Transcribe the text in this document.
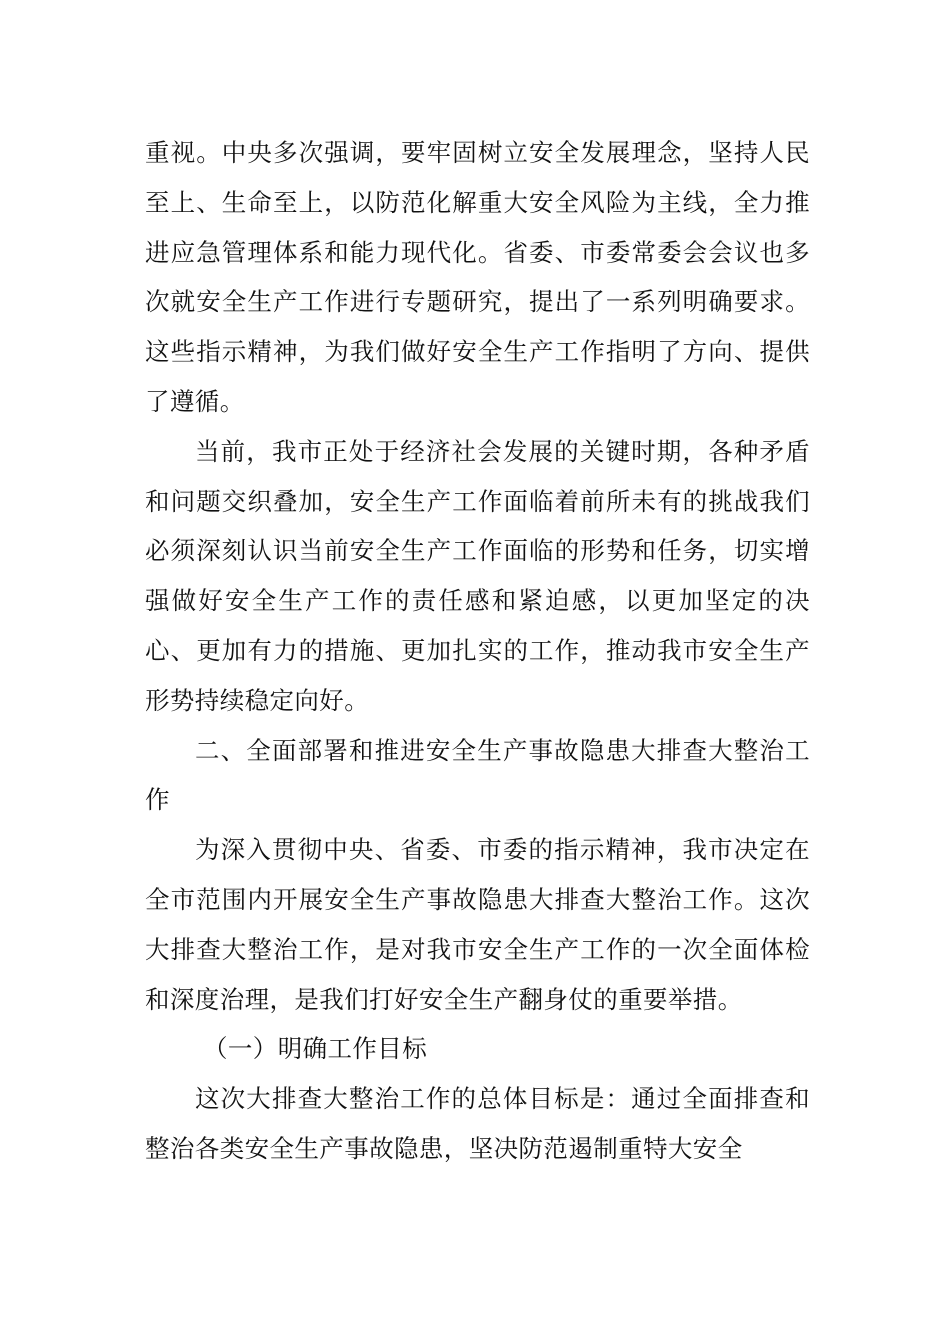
重视。中央多次强调，要牢固树立安全发展理念，坚持人民至上、生命至上，以防范化解重大安全风险为主线，全力推进应急管理体系和能力现代化。省委、市委常委会会议也多次就安全生产工作进行专题研究，提出了一系列明确要求。这些指示精神，为我们做好安全生产工作指明了方向、提供了遵循。

当前，我市正处于经济社会发展的关键时期，各种矛盾和问题交织叠加，安全生产工作面临着前所未有的挑战我们必须深刻认识当前安全生产工作面临的形势和任务，切实增强做好安全生产工作的责任感和紧迫感，以更加坚定的决心、更加有力的措施、更加扎实的工作，推动我市安全生产形势持续稳定向好。

二、全面部署和推进安全生产事故隐患大排查大整治工作

为深入贯彻中央、省委、市委的指示精神，我市决定在全市范围内开展安全生产事故隐患大排查大整治工作。这次大排查大整治工作，是对我市安全生产工作的一次全面体检和深度治理，是我们打好安全生产翻身仗的重要举措。

（一）明确工作目标

这次大排查大整治工作的总体目标是：通过全面排查和整治各类安全生产事故隐患，坚决防范遏制重特大安全
